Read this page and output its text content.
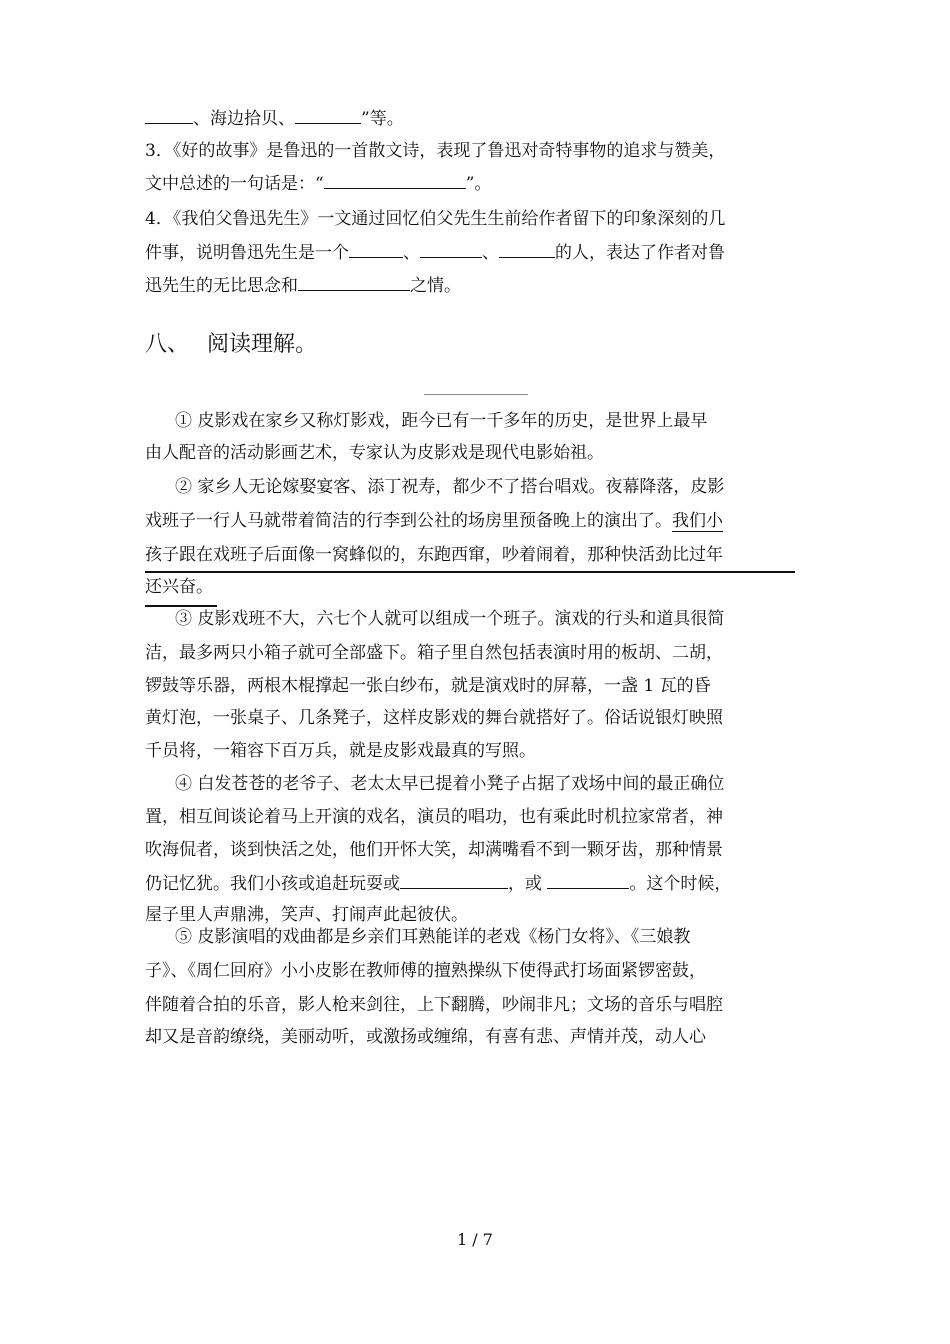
、海边拾贝、	”等。
3．《好的故事》是鲁迅的一首散文诗，表现了鲁迅对奇特事物的追求与赞美，
文中总述的一句话是：“	”。
4．《我伯父鲁迅先生》一文通过回忆伯父先生生前给作者留下的印象深刻的几
件事，说明鲁迅先生是一个	、	、	的人，表达了作者对鲁
迅先生的无比思念和	之情。
八、 阅读理解。
① 皮影戏在家乡又称灯影戏，距今已有一千多年的历史，是世界上最早
由人配音的活动影画艺术，专家认为皮影戏是现代电影始祖。
② 家乡人无论嫁娶宴客、添丁祝寿，都少不了搭台唱戏。夜幕降落，皮影
戏班子一行人马就带着简洁的行李到公社的场房里预备晚上的演出了。我们小
孩子跟在戏班子后面像一窝蜂似的，东跑西窜，吵着闹着，那种快活劲比过年
还兴奋。
③ 皮影戏班不大，六七个人就可以组成一个班子。演戏的行头和道具很简
洁，最多两只小箱子就可全部盛下。箱子里自然包括表演时用的板胡、二胡，
锣鼓等乐器，两根木棍撑起一张白纱布，就是演戏时的屏幕，一盏 1 瓦的昏
黄灯泡，一张桌子、几条凳子，这样皮影戏的舞台就搭好了。俗话说银灯映照
千员将，一箱容下百万兵，就是皮影戏最真的写照。
④ 白发苍苍的老爷子、老太太早已提着小凳子占据了戏场中间的最正确位
置，相互间谈论着马上开演的戏名，演员的唱功，也有乘此时机拉家常者，神
吹海侃者，谈到快活之处，他们开怀大笑，却满嘴看不到一颗牙齿，那种情景
仍记忆犹。我们小孩或追赶玩耍或	，或	。这个时候，
屋子里人声鼎沸，笑声、打闹声此起彼伏。
⑤ 皮影演唱的戏曲都是乡亲们耳熟能详的老戏《杨门女将》、《三娘教
子》、《周仁回府》小小皮影在教师傅的擅熟操纵下使得武打场面紧锣密鼓，
伴随着合拍的乐音，影人枪来剑往，上下翻腾，吵闹非凡；文场的音乐与唱腔
却又是音韵缭绕，美丽动听，或激扬或缠绵，有喜有悲、声情并茂，动人心
1 / 7
